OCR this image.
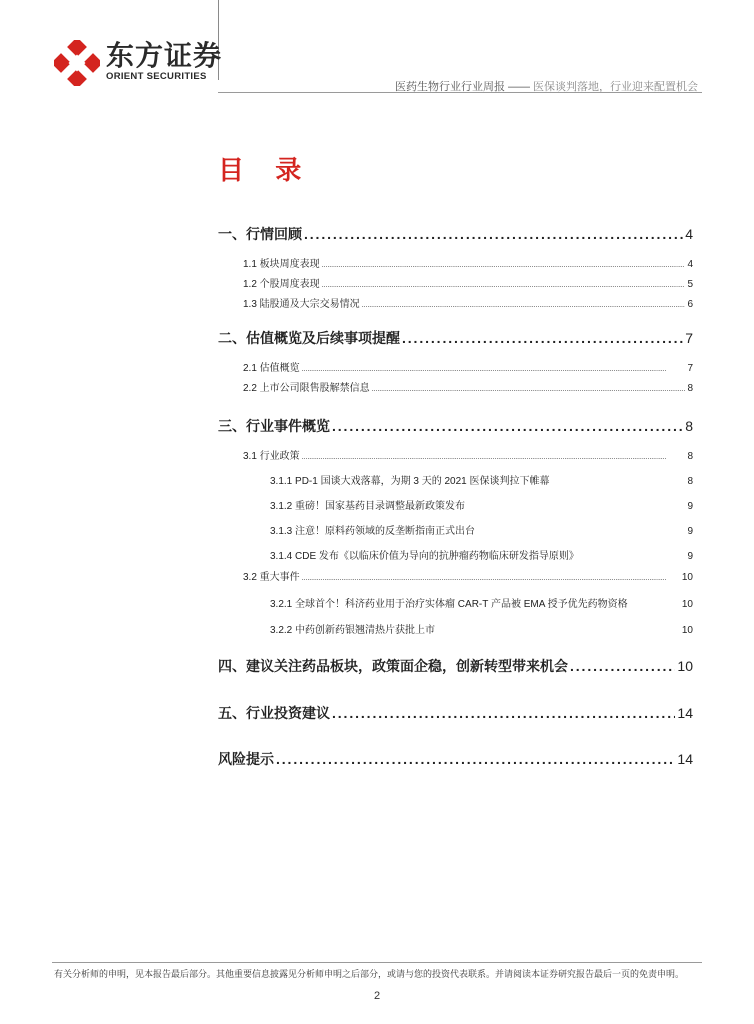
东方证券
ORIENT SECURITIES
医药生物行业行业周报 —— 医保谈判落地，行业迎来配置机会
目 录
一、行情回顾 . . .	4
1.1 板块周度表现 . . .	4
1.2 个股周度表现 . . .	5
1.3 陆股通及大宗交易情况 . . .	6
二、估值概览及后续事项提醒 . . .	7
2.1 估值概览 . . .	7
2.2 上市公司限售股解禁信息 . . .	8
三、行业事件概览 . . .	8
3.1 行业政策 . . .	8
3.1.1 PD-1 国谈大戏落幕，为期 3 天的 2021 医保谈判拉下帷幕	8
3.1.2 重磅！国家基药目录调整最新政策发布	9
3.1.3 注意！原料药领域的反垄断指南正式出台	9
3.1.4 CDE 发布《以临床价值为导向的抗肿瘤药物临床研发指导原则》	9
3.2 重大事件 . . .	10
3.2.1 全球首个！科济药业用于治疗实体瘤 CAR-T 产品被 EMA 授予优先药物资格	10
3.2.2 中药创新药银翘清热片获批上市	10
四、建议关注药品板块，政策面企稳，创新转型带来机会 . . .	10
五、行业投资建议 . . .	14
风险提示 . . .	14
有关分析师的申明，见本报告最后部分。其他重要信息披露见分析师申明之后部分，或请与您的投资代表联系。并请阅读本证券研究报告最后一页的免责申明。
2
